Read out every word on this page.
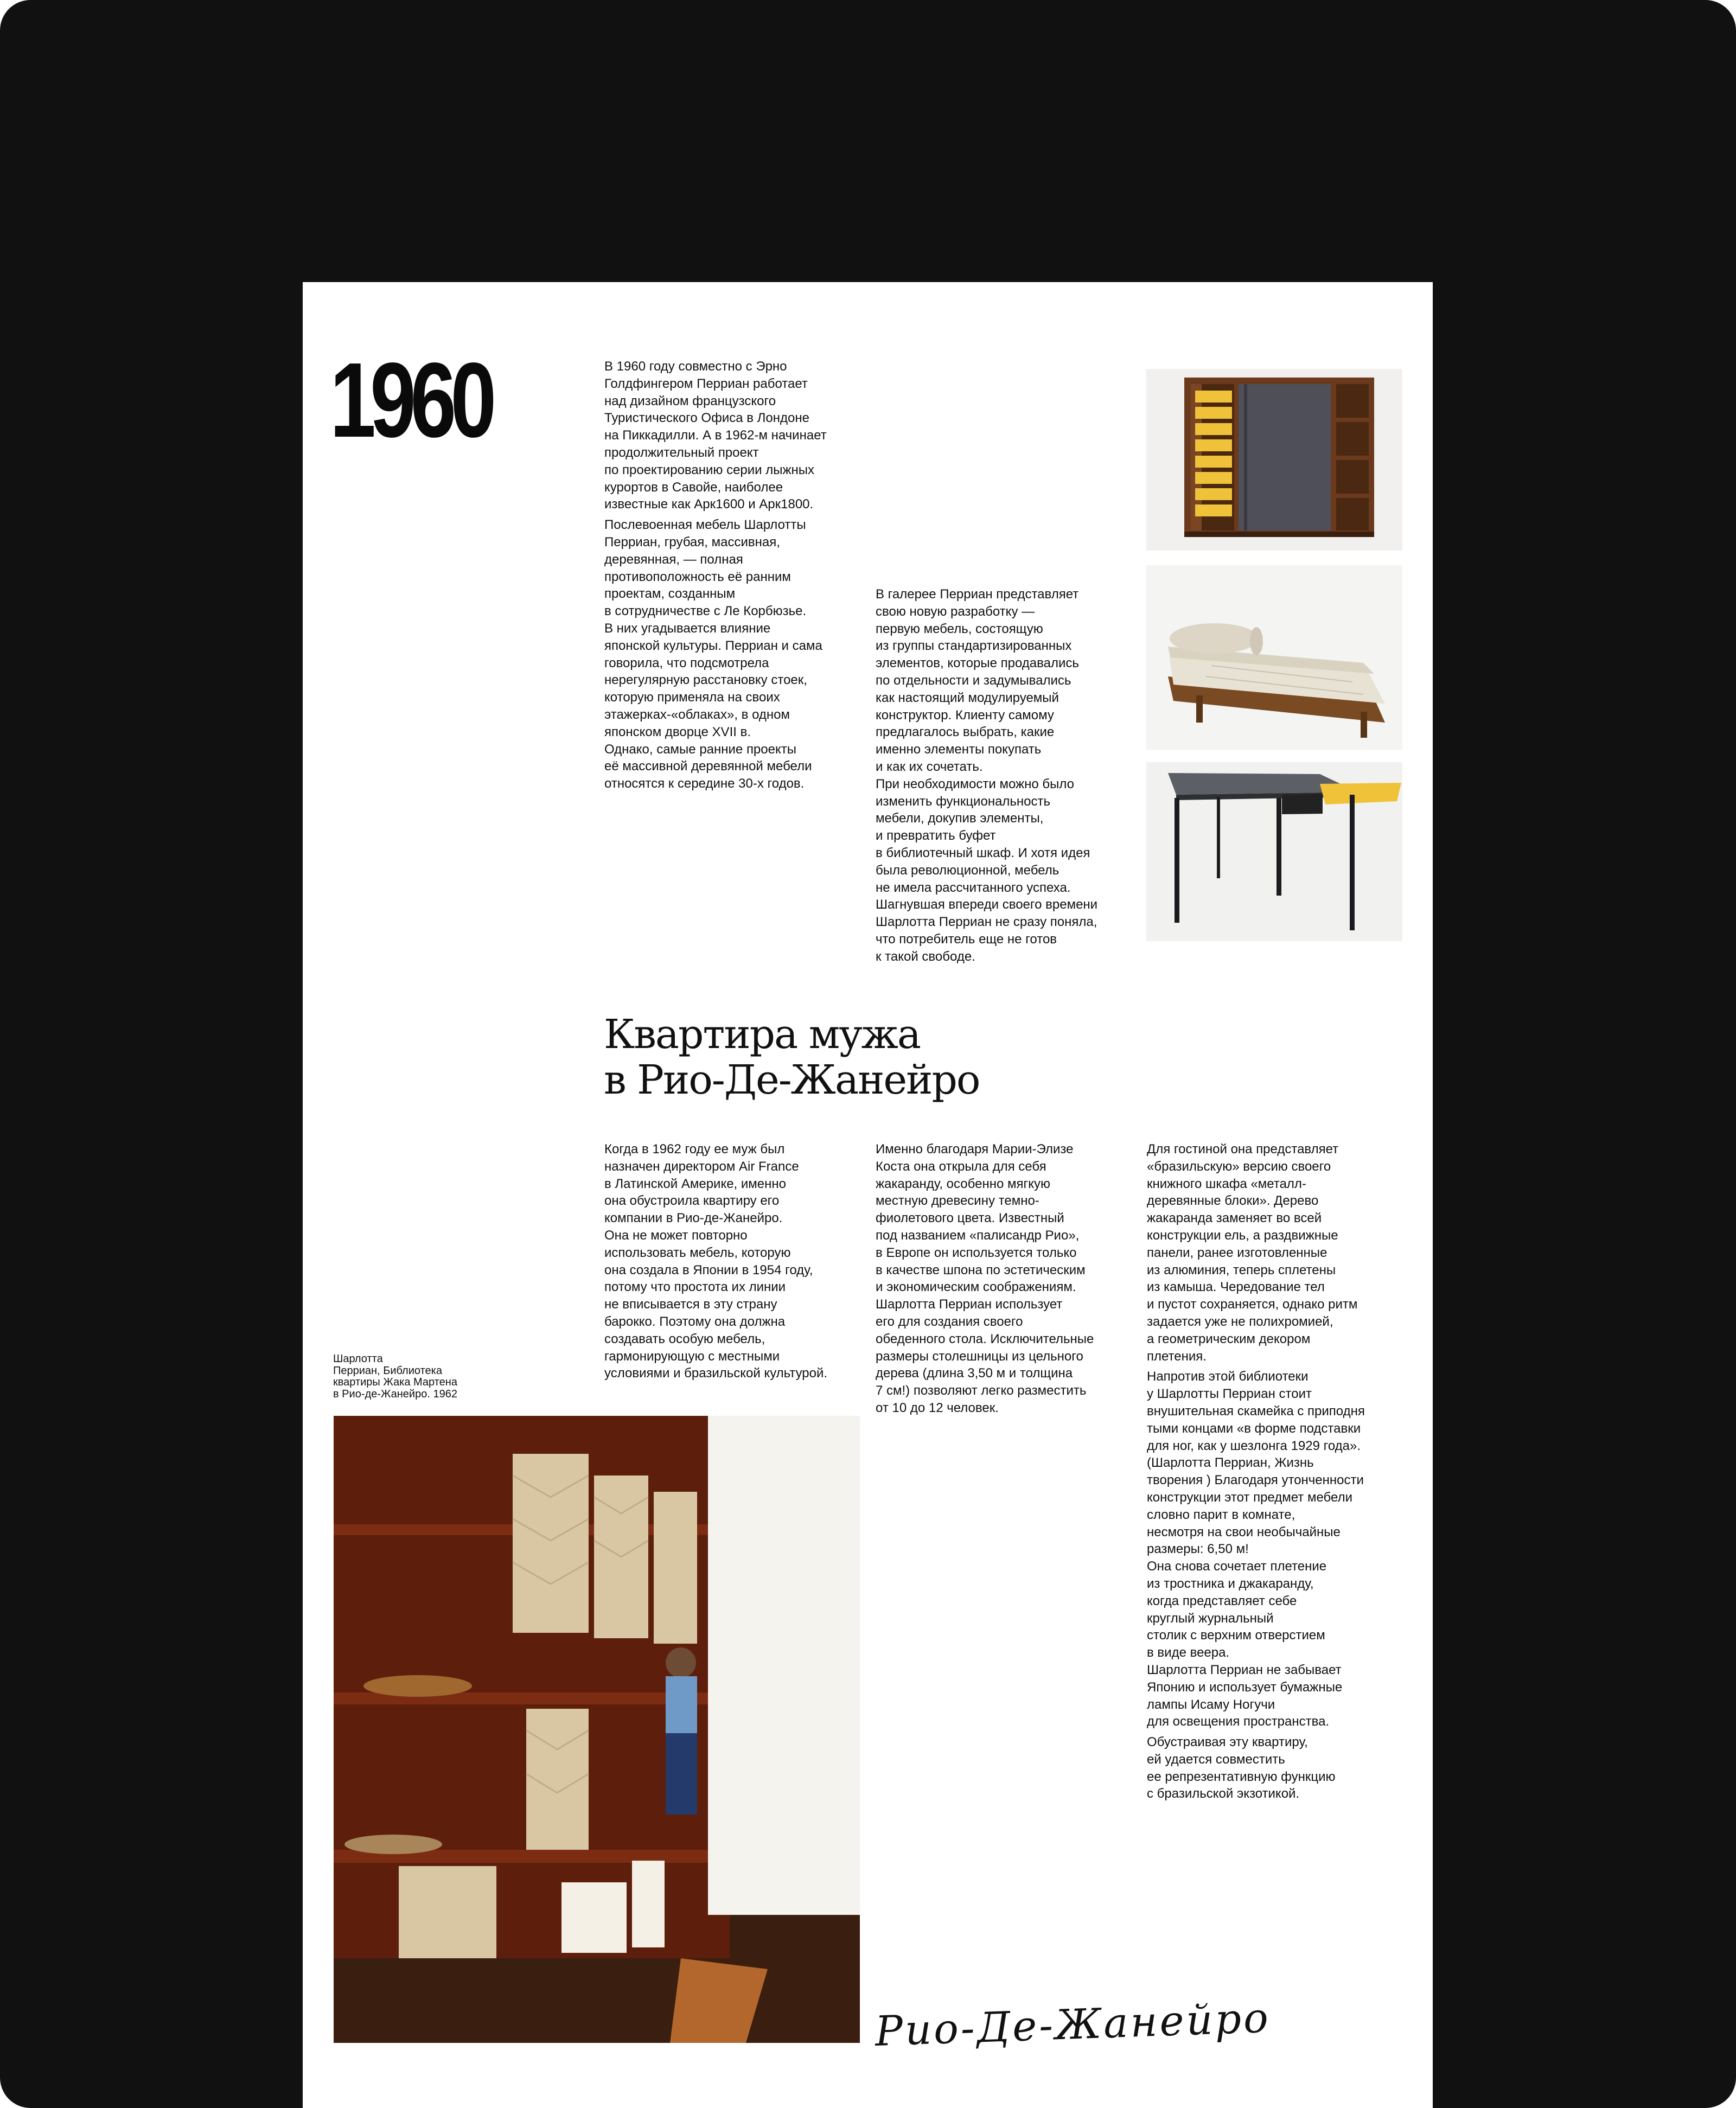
1960	В 1960 году совместно с Эрно
Голдфингером Перриан работает
над дизайном французского
Туристического Офиса в Лондоне
на Пиккадилли. А в 1962-м начинает
продолжительный проект
по проектированию серии лыжных
курортов в Савойе, наиболее
известные как Арк1600 и Арк1800.

Послевоенная мебель Шарлотты
Перриан, грубая, массивная,
деревянная, — полная
противоположность её ранним
проектам, созданным
в сотрудничестве с Ле Корбюзье.
В них угадывается влияние
японской культуры. Перриан и сама
говорила, что подсмотрела
нерегулярную расстановку стоек,
которую применяла на своих
этажерках-«облаках», в одном
японском дворце XVII в.
Однако, самые ранние проекты
её массивной деревянной мебели
относятся к середине 30-х годов.

В галерее Перриан представляет
свою новую разработку —
первую мебель, состоящую
из группы стандартизированных
элементов, которые продавались
по отдельности и задумывались
как настоящий модулируемый
конструктор. Клиенту самому
предлагалось выбрать, какие
именно элементы покупать
и как их сочетать.
При необходимости можно было
изменить функциональность
мебели, докупив элементы,
и превратить буфет
в библиотечный шкаф. И хотя идея
была революционной, мебель
не имела рассчитанного успеха.
Шагнувшая впереди своего времени
Шарлотта Перриан не сразу поняла,
что потребитель еще не готов
к такой свободе.

Квартира мужа
в Рио-Де-Жанейро

Когда в 1962 году ее муж был
назначен директором Air France
в Латинской Америке, именно
она обустроила квартиру его
компании в Рио-де-Жанейро.
Она не может повторно
использовать мебель, которую
она создала в Японии в 1954 году,
потому что простота их линии
не вписывается в эту страну
барокко. Поэтому она должна
создавать особую мебель,
гармонирующую с местными
условиями и бразильской культурой.

Именно благодаря Марии-Элизе
Коста она открыла для себя
жакаранду, особенно мягкую
местную древесину темно-
фиолетового цвета. Известный
под названием «палисандр Рио»,
в Европе он используется только
в качестве шпона по эстетическим
и экономическим соображениям.
Шарлотта Перриан использует
его для создания своего
обеденного стола. Исключительные
размеры столешницы из цельного
дерева (длина 3,50 м и толщина
7 см!) позволяют легко разместить
от 10 до 12 человек.

Для гостиной она представляет
«бразильскую» версию своего
книжного шкафа «металл-
деревянные блоки». Дерево
жакаранда заменяет во всей
конструкции ель, а раздвижные
панели, ранее изготовленные
из алюминия, теперь сплетены
из камыша. Чередование тел
и пустот сохраняется, однако ритм
задается уже не полихромией,
а геометрическим декором
плетения.

Напротив этой библиотеки
у Шарлотты Перриан стоит
внушительная скамейка с приподня
тыми концами «в форме подставки
для ног, как у шезлонга 1929 года».
(Шарлотта Перриан, Жизнь
творения ) Благодаря утонченности
конструкции этот предмет мебели
словно парит в комнате,
несмотря на свои необычайные
размеры: 6,50 м!
Она снова сочетает плетение
из тростника и джакаранду,
когда представляет себе
круглый журнальный
столик с верхним отверстием
в виде веера.
Шарлотта Перриан не забывает
Японию и использует бумажные
лампы Исаму Ногучи
для освещения пространства.

Обустраивая эту квартиру,
ей удается совместить
ее репрезентативную функцию
с бразильской экзотикой.

Шарлотта
Перриан, Библиотека
квартиры Жака Мартена
в Рио-де-Жанейро. 1962
Рио-Де-Жанейро
